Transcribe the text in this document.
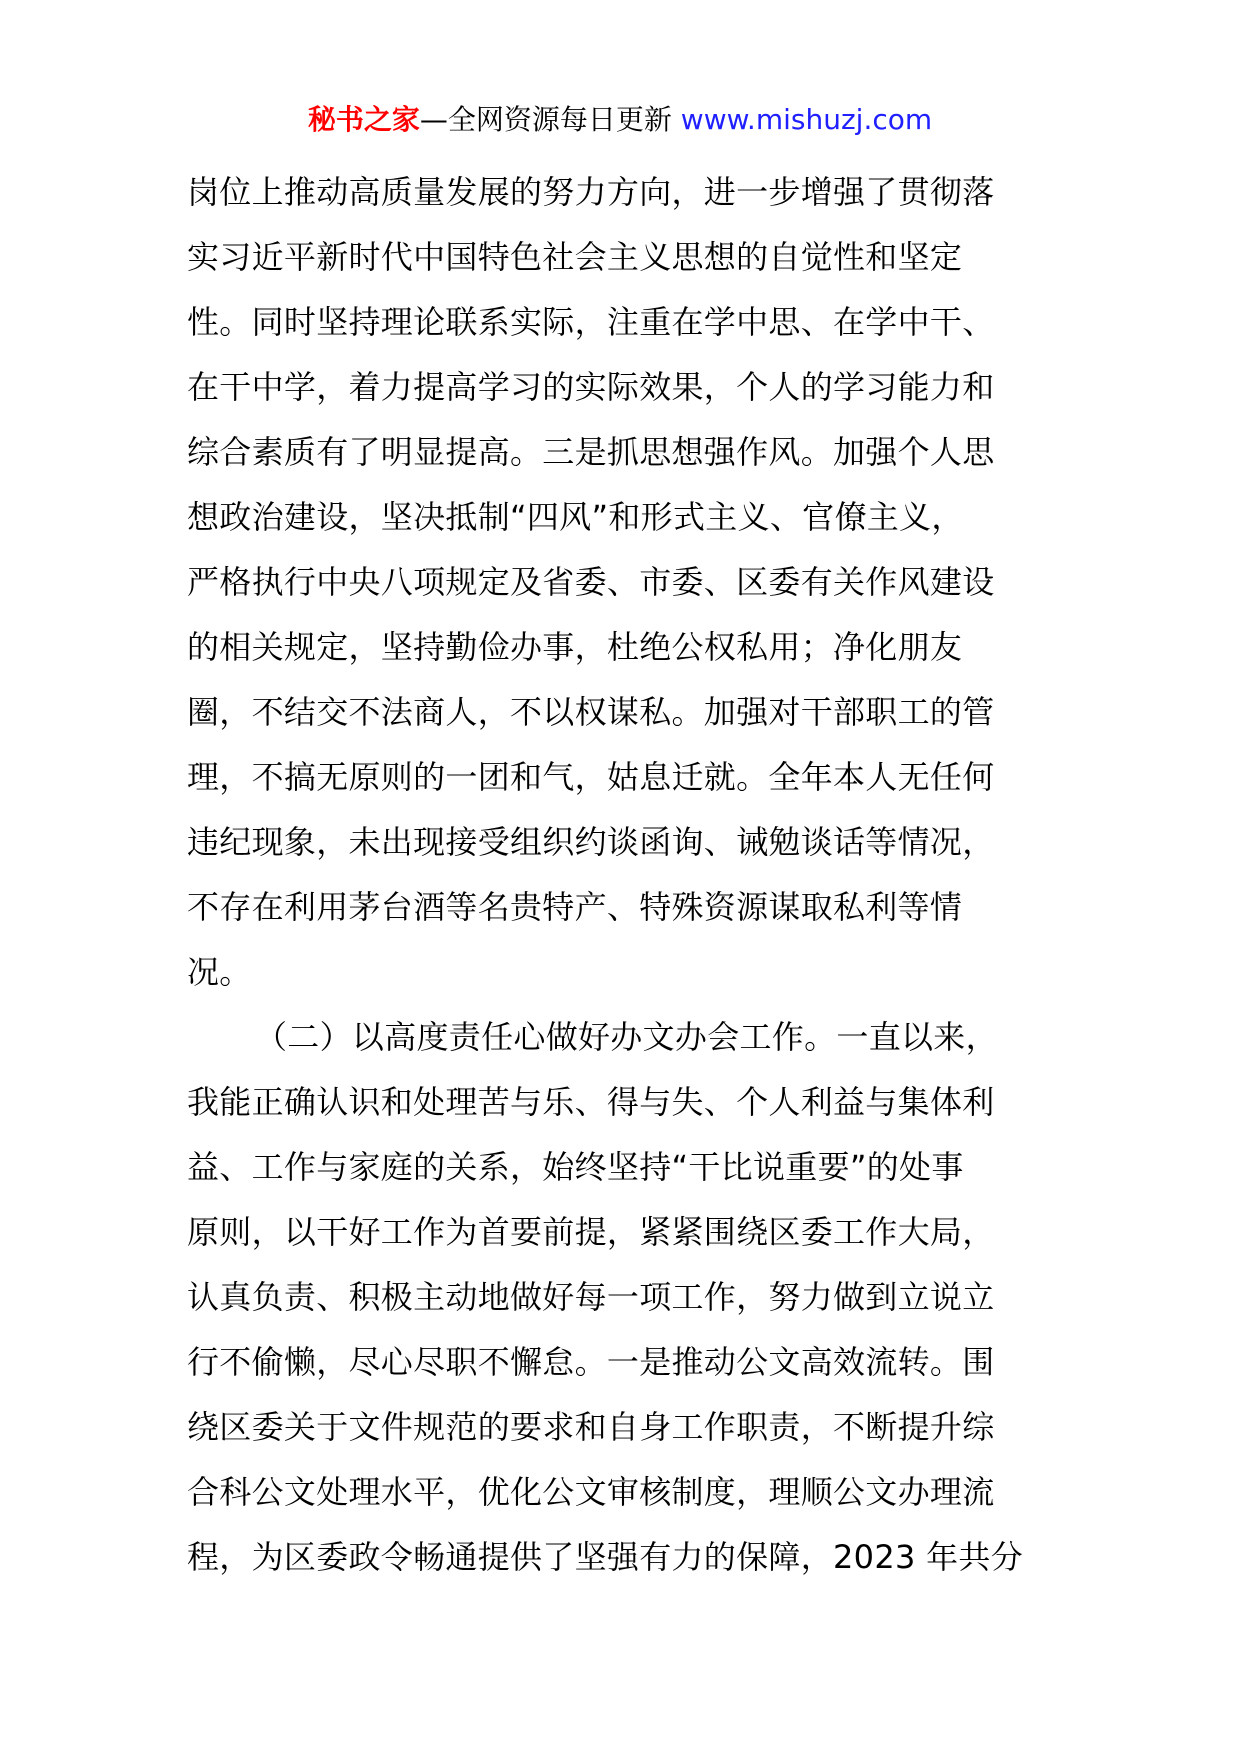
秘书之家—全网资源每日更新 www.mishuzj.com
岗位上推动高质量发展的努力方向，进一步增强了贯彻落
实习近平新时代中国特色社会主义思想的自觉性和坚定
性。同时坚持理论联系实际，注重在学中思、在学中干、
在干中学，着力提高学习的实际效果，个人的学习能力和
综合素质有了明显提高。三是抓思想强作风。加强个人思
想政治建设，坚决抵制“四风”和形式主义、官僚主义，
严格执行中央八项规定及省委、市委、区委有关作风建设
的相关规定，坚持勤俭办事，杜绝公权私用；净化朋友
圈，不结交不法商人，不以权谋私。加强对干部职工的管
理，不搞无原则的一团和气，姑息迁就。全年本人无任何
违纪现象，未出现接受组织约谈函询、诫勉谈话等情况，
不存在利用茅台酒等名贵特产、特殊资源谋取私利等情
况。
（二）以高度责任心做好办文办会工作。一直以来，
我能正确认识和处理苦与乐、得与失、个人利益与集体利
益、工作与家庭的关系，始终坚持“干比说重要”的处事
原则，以干好工作为首要前提，紧紧围绕区委工作大局，
认真负责、积极主动地做好每一项工作，努力做到立说立
行不偷懒，尽心尽职不懈怠。一是推动公文高效流转。围
绕区委关于文件规范的要求和自身工作职责，不断提升综
合科公文处理水平，优化公文审核制度，理顺公文办理流
程，为区委政令畅通提供了坚强有力的保障，2023 年共分
